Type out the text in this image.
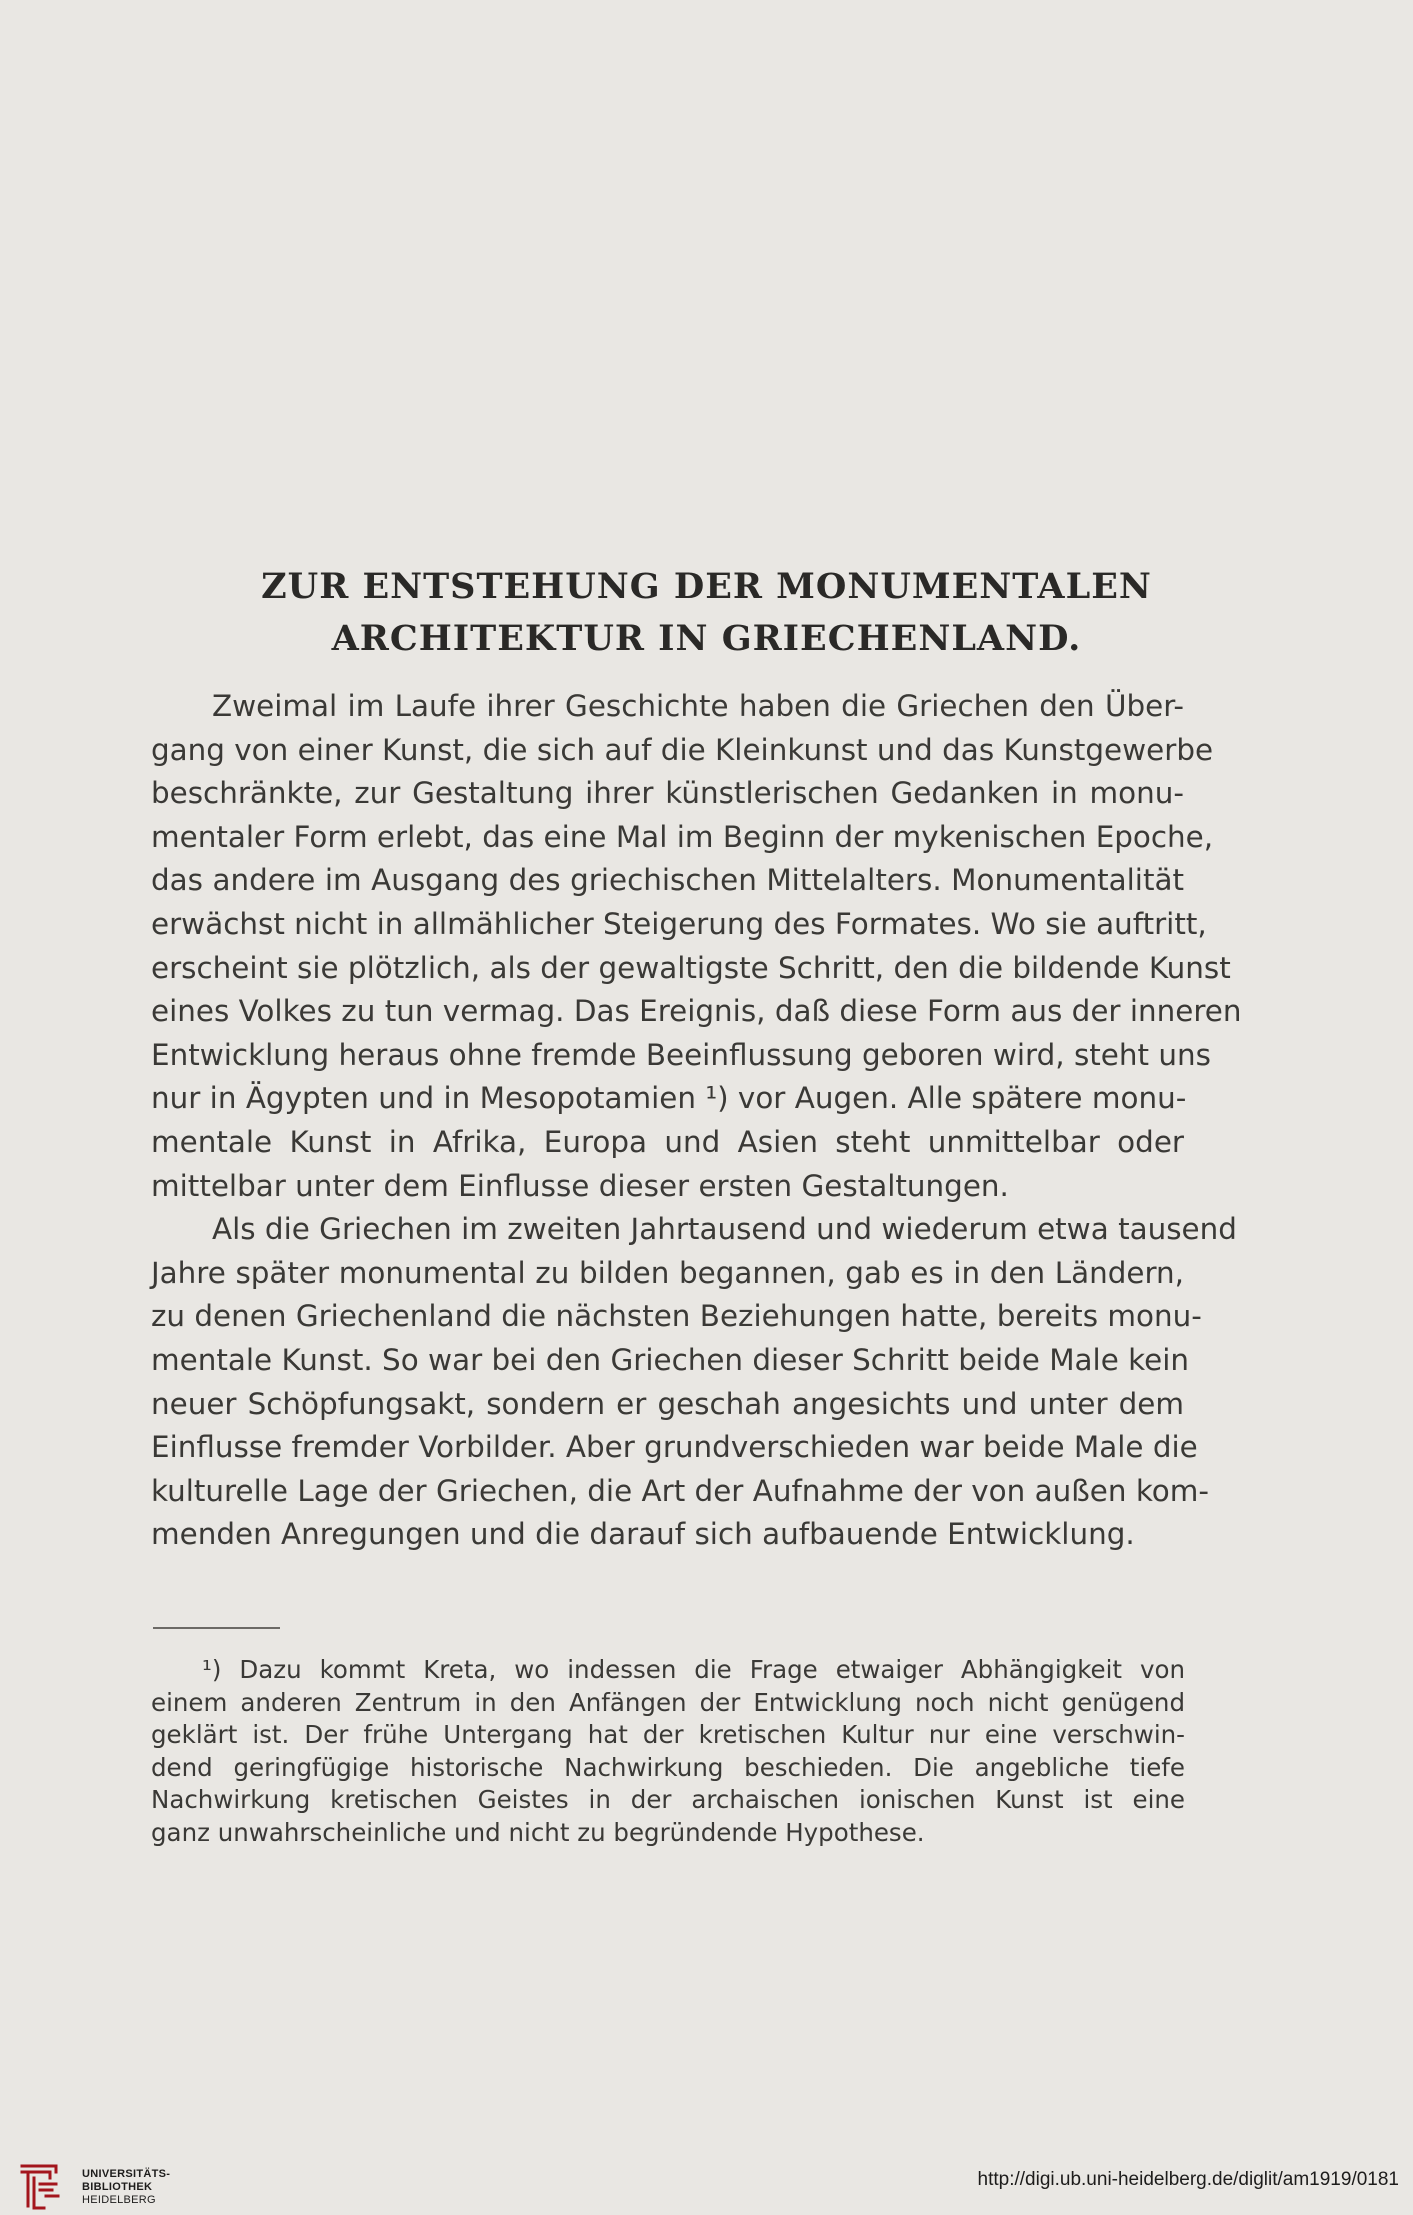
ZUR ENTSTEHUNG DER MONUMENTALEN
ARCHITEKTUR IN GRIECHENLAND.
Zweimal im Laufe ihrer Geschichte haben die Griechen den Über-
gang von einer Kunst, die sich auf die Kleinkunst und das Kunstgewerbe
beschränkte, zur Gestaltung ihrer künstlerischen Gedanken in monu-
mentaler Form erlebt, das eine Mal im Beginn der mykenischen Epoche,
das andere im Ausgang des griechischen Mittelalters. Monumentalität
erwächst nicht in allmählicher Steigerung des Formates. Wo sie auftritt,
erscheint sie plötzlich, als der gewaltigste Schritt, den die bildende Kunst
eines Volkes zu tun vermag. Das Ereignis, daß diese Form aus der inneren
Entwicklung heraus ohne fremde Beeinflussung geboren wird, steht uns
nur in Ägypten und in Mesopotamien ¹) vor Augen. Alle spätere monu-
mentale Kunst in Afrika, Europa und Asien steht unmittelbar oder
mittelbar unter dem Einflusse dieser ersten Gestaltungen.
Als die Griechen im zweiten Jahrtausend und wiederum etwa tausend
Jahre später monumental zu bilden begannen, gab es in den Ländern,
zu denen Griechenland die nächsten Beziehungen hatte, bereits monu-
mentale Kunst. So war bei den Griechen dieser Schritt beide Male kein
neuer Schöpfungsakt, sondern er geschah angesichts und unter dem
Einflusse fremder Vorbilder. Aber grundverschieden war beide Male die
kulturelle Lage der Griechen, die Art der Aufnahme der von außen kom-
menden Anregungen und die darauf sich aufbauende Entwicklung.
¹) Dazu kommt Kreta, wo indessen die Frage etwaiger Abhängigkeit von
einem anderen Zentrum in den Anfängen der Entwicklung noch nicht genügend
geklärt ist. Der frühe Untergang hat der kretischen Kultur nur eine verschwin-
dend geringfügige historische Nachwirkung beschieden. Die angebliche tiefe
Nachwirkung kretischen Geistes in der archaischen ionischen Kunst ist eine
ganz unwahrscheinliche und nicht zu begründende Hypothese.
UNIVERSITÄTS-
BIBLIOTHEK
HEIDELBERG
http://digi.ub.uni-heidelberg.de/diglit/am1919/0181
